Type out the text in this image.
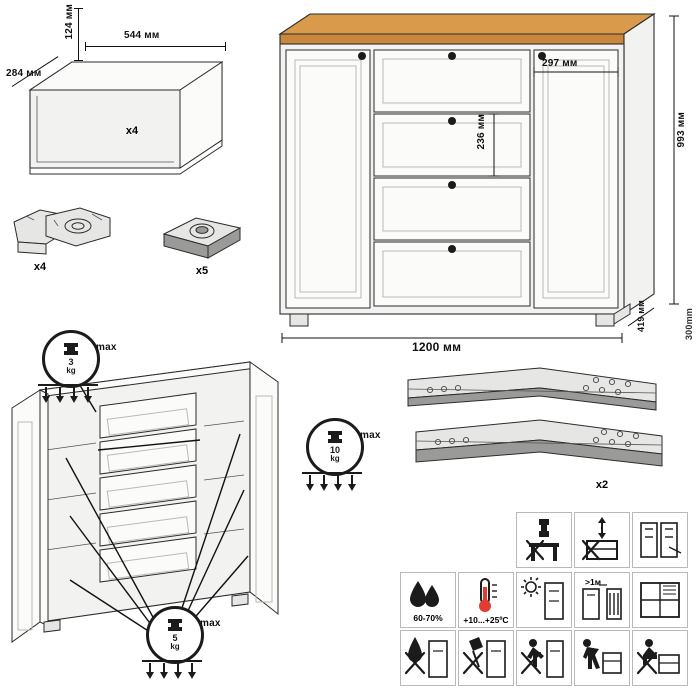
x4
124 мм	544 мм
284 мм
x4	x5
297 мм
236 мм	993 мм
1200 мм
419 мм	300mm
3
kg
max
10
kg
max
5
kg
max
x2
60-70% +10...+25ºC
>1м
